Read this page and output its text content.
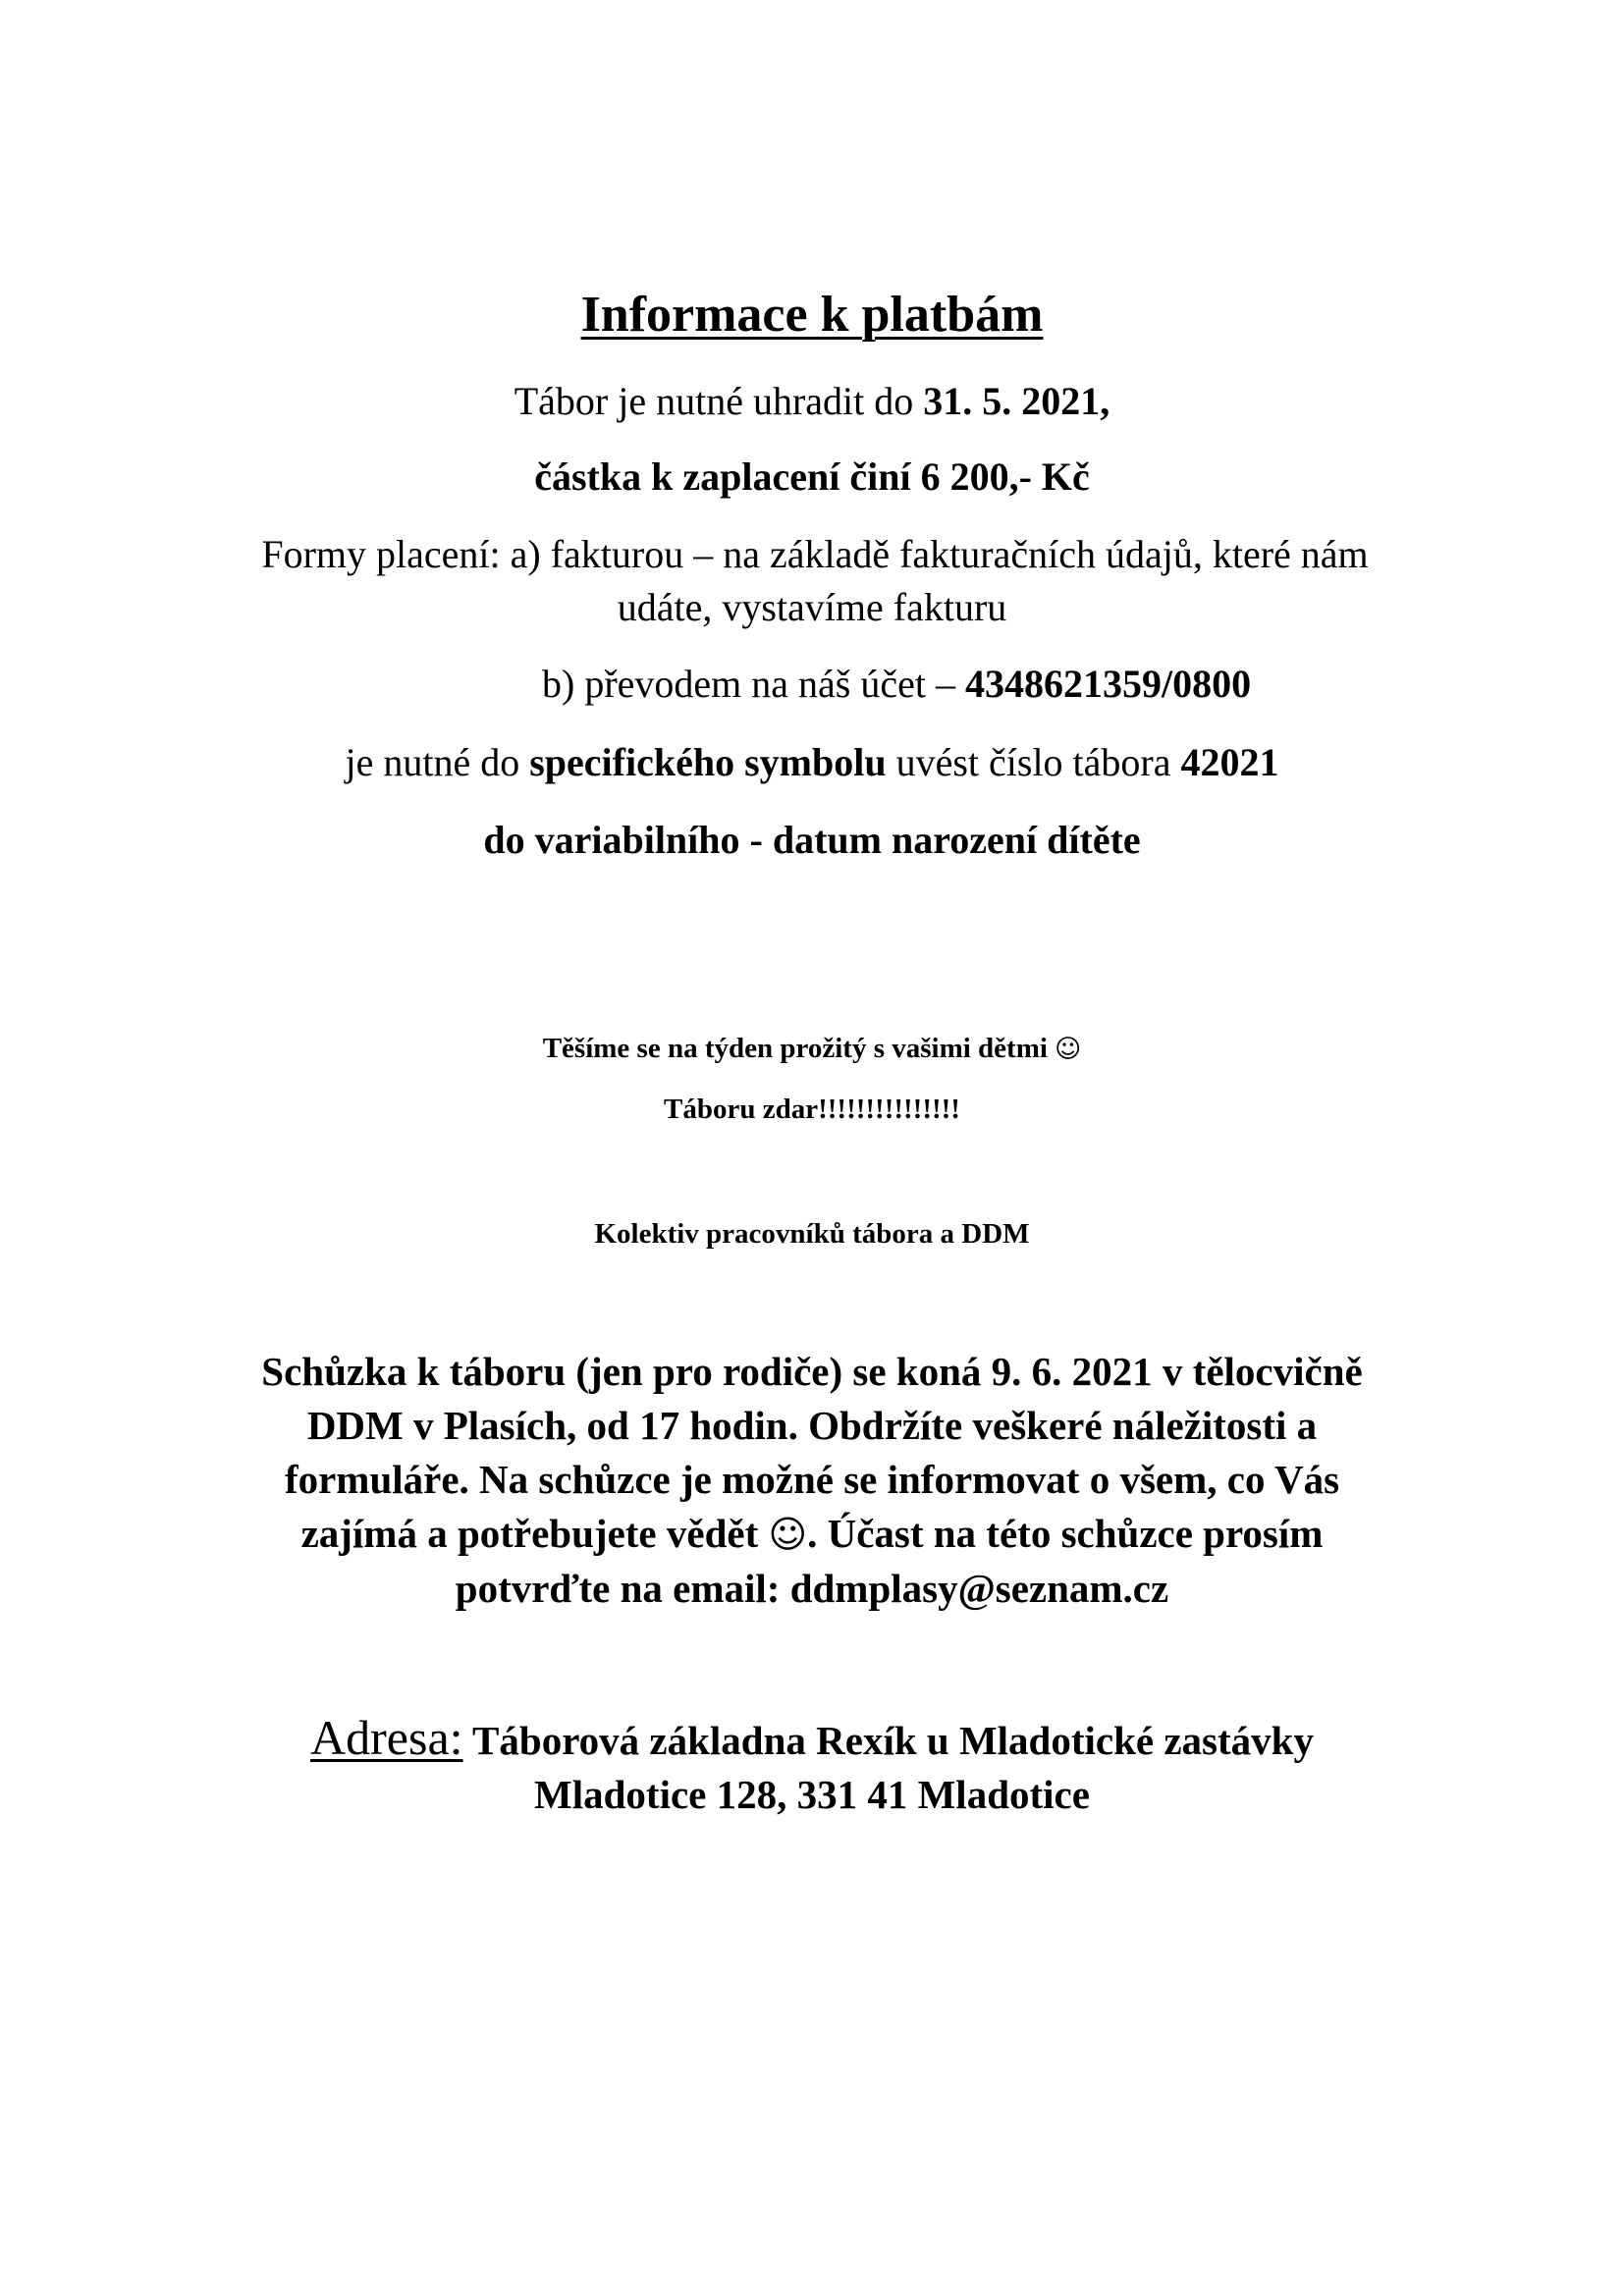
Informace k platbám
Tábor je nutné uhradit do 31. 5. 2021,
částka k zaplacení činí 6 200,- Kč
Formy placení: a) fakturou – na základě fakturačních údajů, které nám
udáte, vystavíme fakturu
b) převodem na náš účet – 4348621359/0800
je nutné do specifického symbolu uvést číslo tábora 42021
do variabilního - datum narození dítěte
Těšíme se na týden prožitý s vašimi dětmi ☺
Táboru zdar!!!!!!!!!!!!!!!
Kolektiv pracovníků tábora a DDM
Schůzka k táboru (jen pro rodiče) se koná 9. 6. 2021 v tělocvičně
DDM v Plasích, od 17 hodin. Obdržíte veškeré náležitosti a
formuláře. Na schůzce je možné se informovat o všem, co Vás
zajímá a potřebujete vědět ☺. Účast na této schůzce prosím
potvrďte na email: ddmplasy@seznam.cz
Adresa: Táborová základna Rexík u Mladotické zastávky
Mladotice 128, 331 41 Mladotice
